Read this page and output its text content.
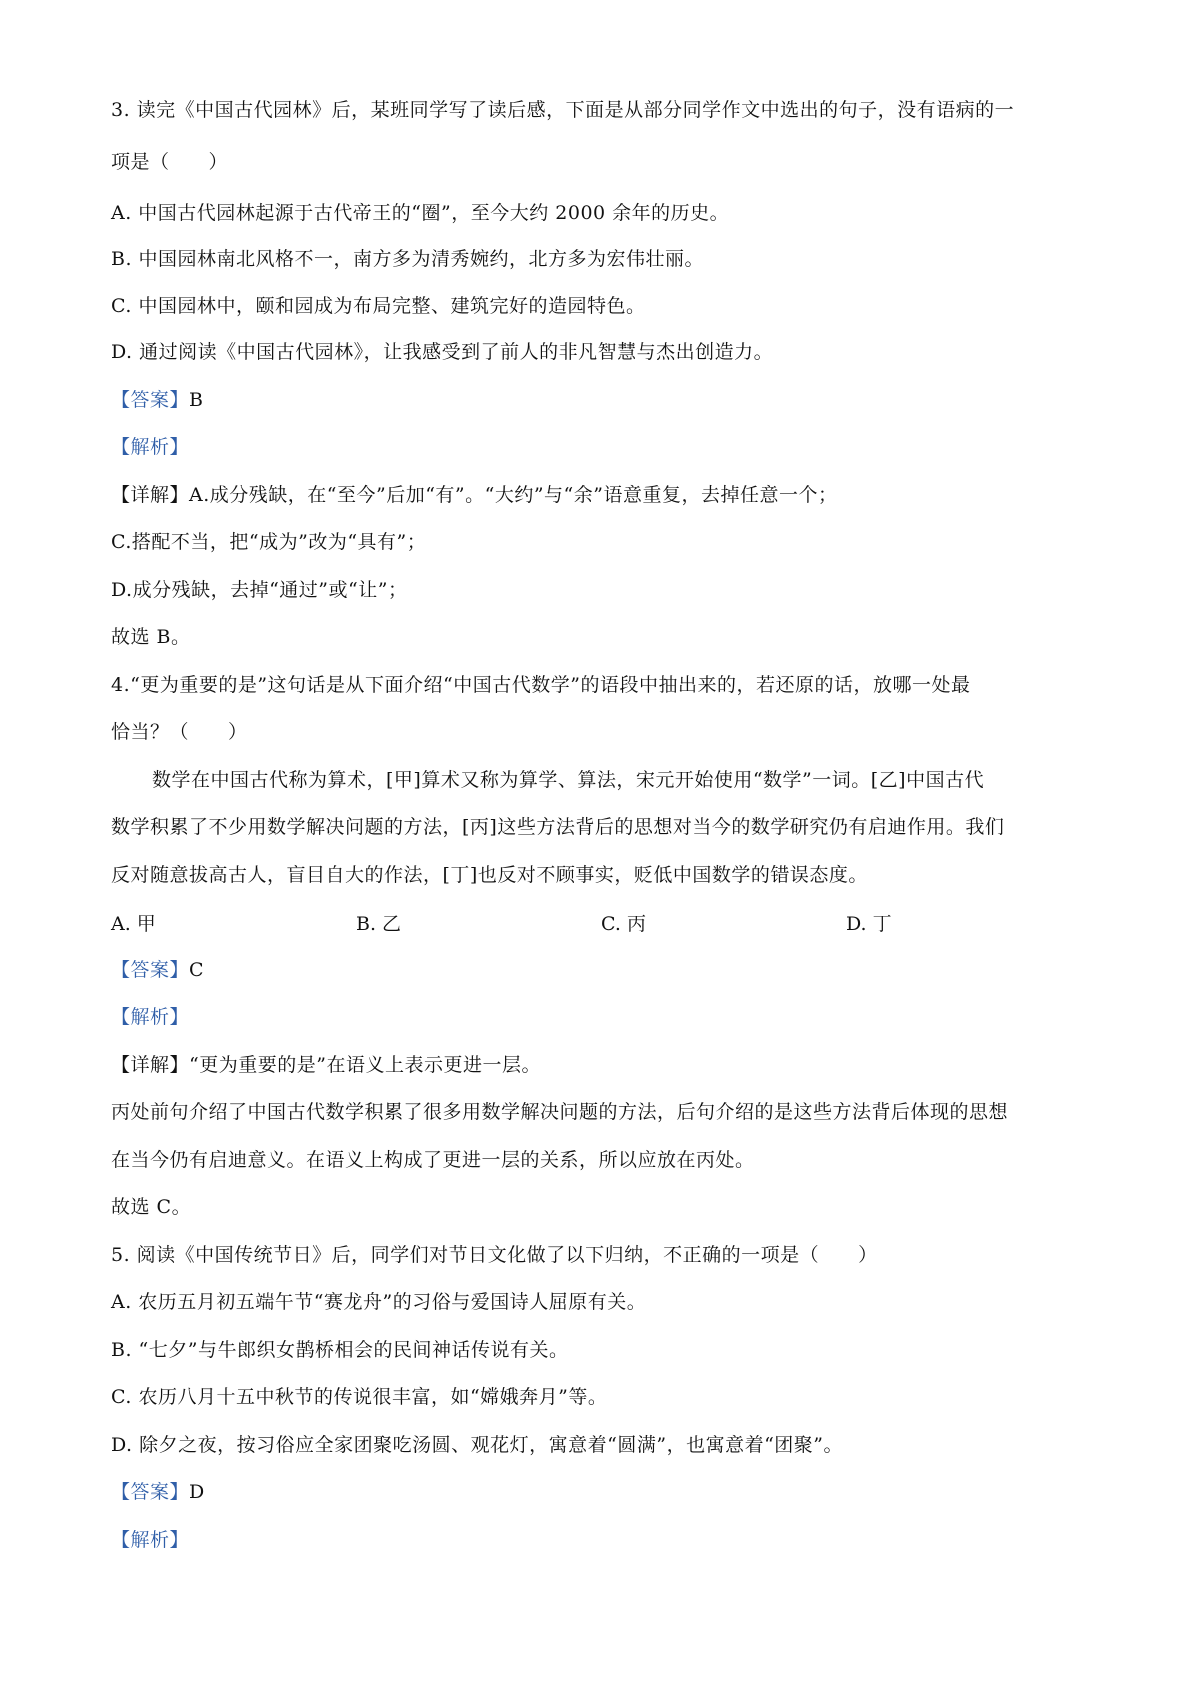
3. 读完《中国古代园林》后，某班同学写了读后感，下面是从部分同学作文中选出的句子，没有语病的一
项是（　　）
A. 中国古代园林起源于古代帝王的“圈”，至今大约 2000 余年的历史。
B. 中国园林南北风格不一，南方多为清秀婉约，北方多为宏伟壮丽。
C. 中国园林中，颐和园成为布局完整、建筑完好的造园特色。
D. 通过阅读《中国古代园林》，让我感受到了前人的非凡智慧与杰出创造力。
【答案】B
【解析】
【详解】A.成分残缺，在“至今”后加“有”。“大约”与“余”语意重复，去掉任意一个；
C.搭配不当，把“成为”改为“具有”；
D.成分残缺，去掉“通过”或“让”；
故选 B。
4.“更为重要的是”这句话是从下面介绍“中国古代数学”的语段中抽出来的，若还原的话，放哪一处最
恰当？（　　）
数学在中国古代称为算术，[甲]算术又称为算学、算法，宋元开始使用“数学”一词。[乙]中国古代
数学积累了不少用数学解决问题的方法，[丙]这些方法背后的思想对当今的数学研究仍有启迪作用。我们
反对随意拔高古人，盲目自大的作法，[丁]也反对不顾事实，贬低中国数学的错误态度。
A. 甲	B. 乙	C. 丙	D. 丁
【答案】C
【解析】
【详解】“更为重要的是”在语义上表示更进一层。
丙处前句介绍了中国古代数学积累了很多用数学解决问题的方法，后句介绍的是这些方法背后体现的思想
在当今仍有启迪意义。在语义上构成了更进一层的关系，所以应放在丙处。
故选 C。
5. 阅读《中国传统节日》后，同学们对节日文化做了以下归纳，不正确的一项是（　　）
A. 农历五月初五端午节“赛龙舟”的习俗与爱国诗人屈原有关。
B. “七夕”与牛郎织女鹊桥相会的民间神话传说有关。
C. 农历八月十五中秋节的传说很丰富，如“嫦娥奔月”等。
D. 除夕之夜，按习俗应全家团聚吃汤圆、观花灯，寓意着“圆满”，也寓意着“团聚”。
【答案】D
【解析】
